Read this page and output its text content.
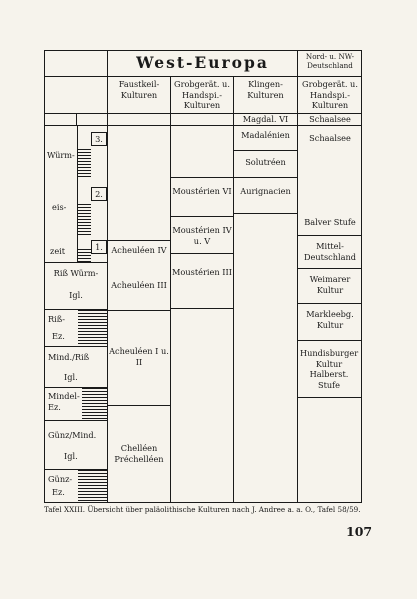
West-Europa	Nord- u. NW-Deutschland
Faustkeil-Kulturen
Grobgerät. u. Handspi.-Kulturen
Klingen-Kulturen
Grobgerät. u. Handspi.-Kulturen
3.
2.
1.
Würm-
eis-
zeit
Riß Würm-
Igl.
Riß-
Ez.
Mind./Riß
Igl.
Mindel-Ez.
Günz/Mind.
Igl.
Günz-
Ez.
Acheuléen IV
Acheuléen III
Acheuléen I u. II
Chelléen Préchelléen
Moustérien VI
Moustérien IV u. V
Moustérien III
Magdal. VI
Madalénien
Solutréen
Aurignacien
Schaalsee
Schaalsee
Balver Stufe
Mittel-Deutschland
Weimarer Kultur
Markleebg. Kultur
Hundisburger Kultur Halberst. Stufe
Tafel XXIII. Übersicht über paläolithische Kulturen nach J. Andree a. a. O., Tafel 58/59.
107
